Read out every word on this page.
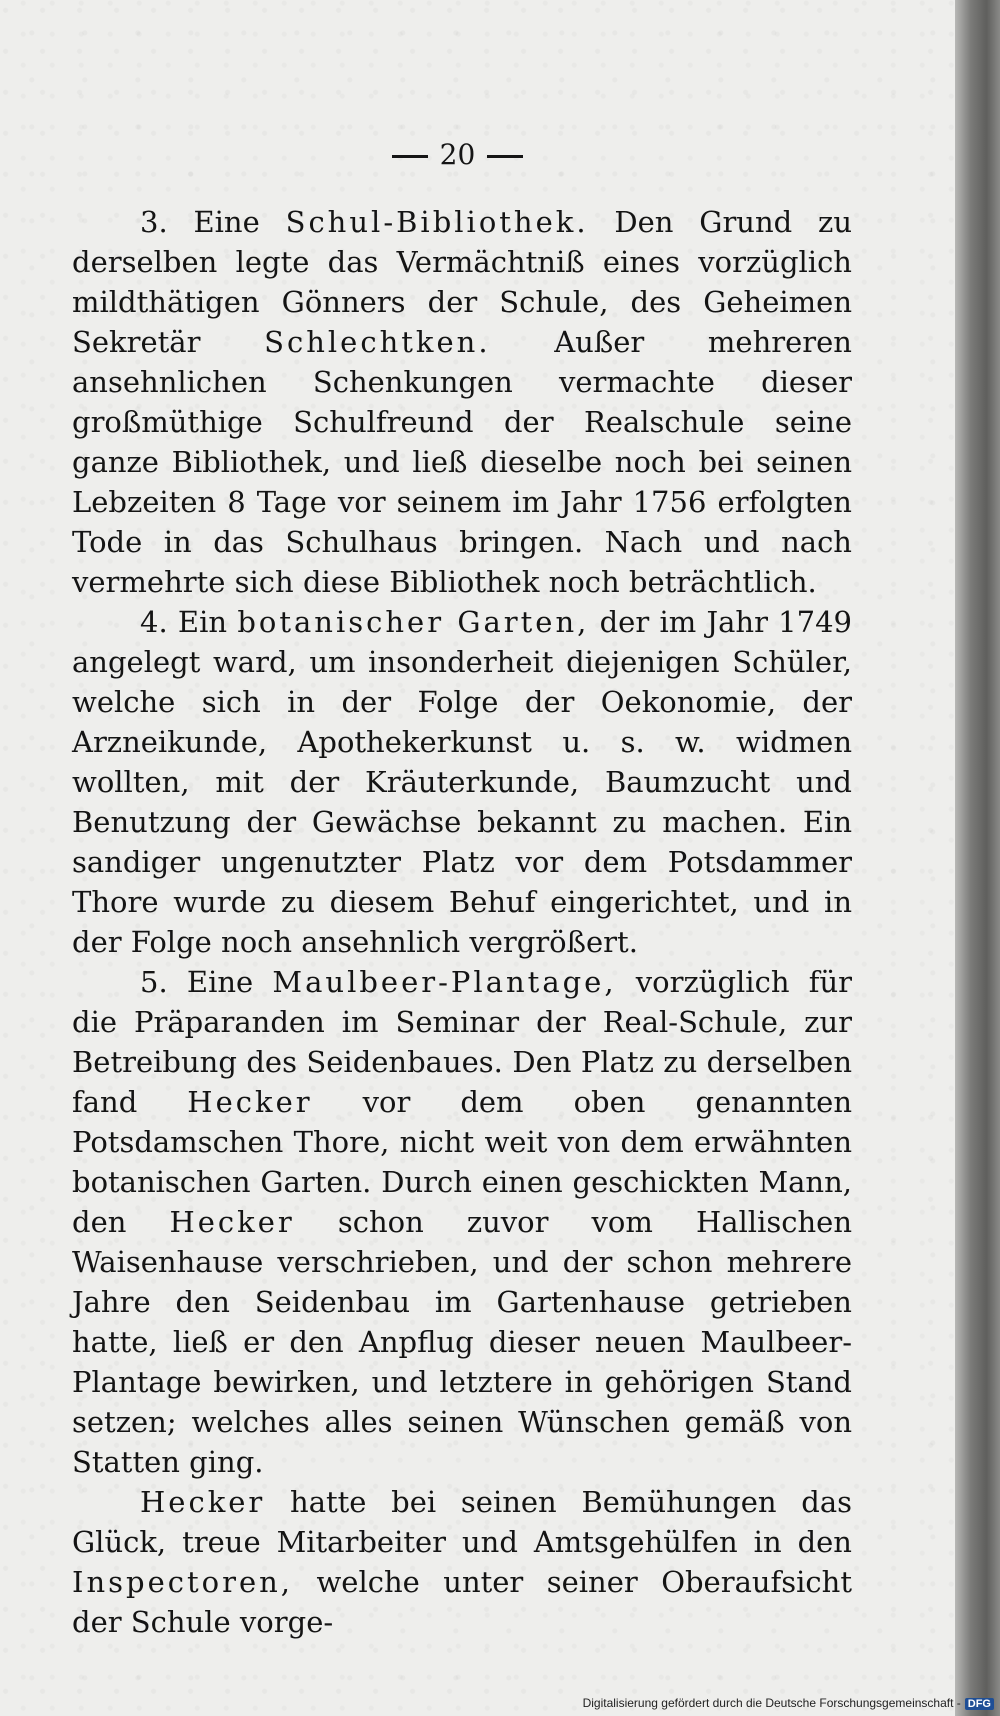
20

3. Eine Schul-Bibliothek. Den Grund zu derselben legte das Vermächtniß eines vorzüglich mildthätigen Gönners der Schule, des Geheimen Sekretär Schlechtken. Außer mehreren ansehnlichen Schenkungen vermachte dieser großmüthige Schulfreund der Realschule seine ganze Bibliothek, und ließ dieselbe noch bei seinen Lebzeiten 8 Tage vor seinem im Jahr 1756 erfolgten Tode in das Schulhaus bringen. Nach und nach vermehrte sich diese Bibliothek noch beträchtlich.

4. Ein botanischer Garten, der im Jahr 1749 angelegt ward, um insonderheit diejenigen Schüler, welche sich in der Folge der Oekonomie, der Arzneikunde, Apothekerkunst u. s. w. widmen wollten, mit der Kräuterkunde, Baumzucht und Benutzung der Gewächse bekannt zu machen. Ein sandiger ungenutzter Platz vor dem Potsdammer Thore wurde zu diesem Behuf eingerichtet, und in der Folge noch ansehnlich vergrößert.

5. Eine Maulbeer-Plantage, vorzüglich für die Präparanden im Seminar der Real-Schule, zur Betreibung des Seidenbaues. Den Platz zu derselben fand Hecker vor dem oben genannten Potsdamschen Thore, nicht weit von dem erwähnten botanischen Garten. Durch einen geschickten Mann, den Hecker schon zuvor vom Hallischen Waisenhause verschrieben, und der schon mehrere Jahre den Seidenbau im Gartenhause getrieben hatte, ließ er den Anpflug dieser neuen Maulbeer-Plantage bewirken, und letztere in gehörigen Stand setzen; welches alles seinen Wünschen gemäß von Statten ging.

Hecker hatte bei seinen Bemühungen das Glück, treue Mitarbeiter und Amtsgehülfen in den Inspectoren, welche unter seiner Oberaufsicht der Schule vorge-

Digitalisierung gefördert durch die Deutsche Forschungsgemeinschaft - DFG
